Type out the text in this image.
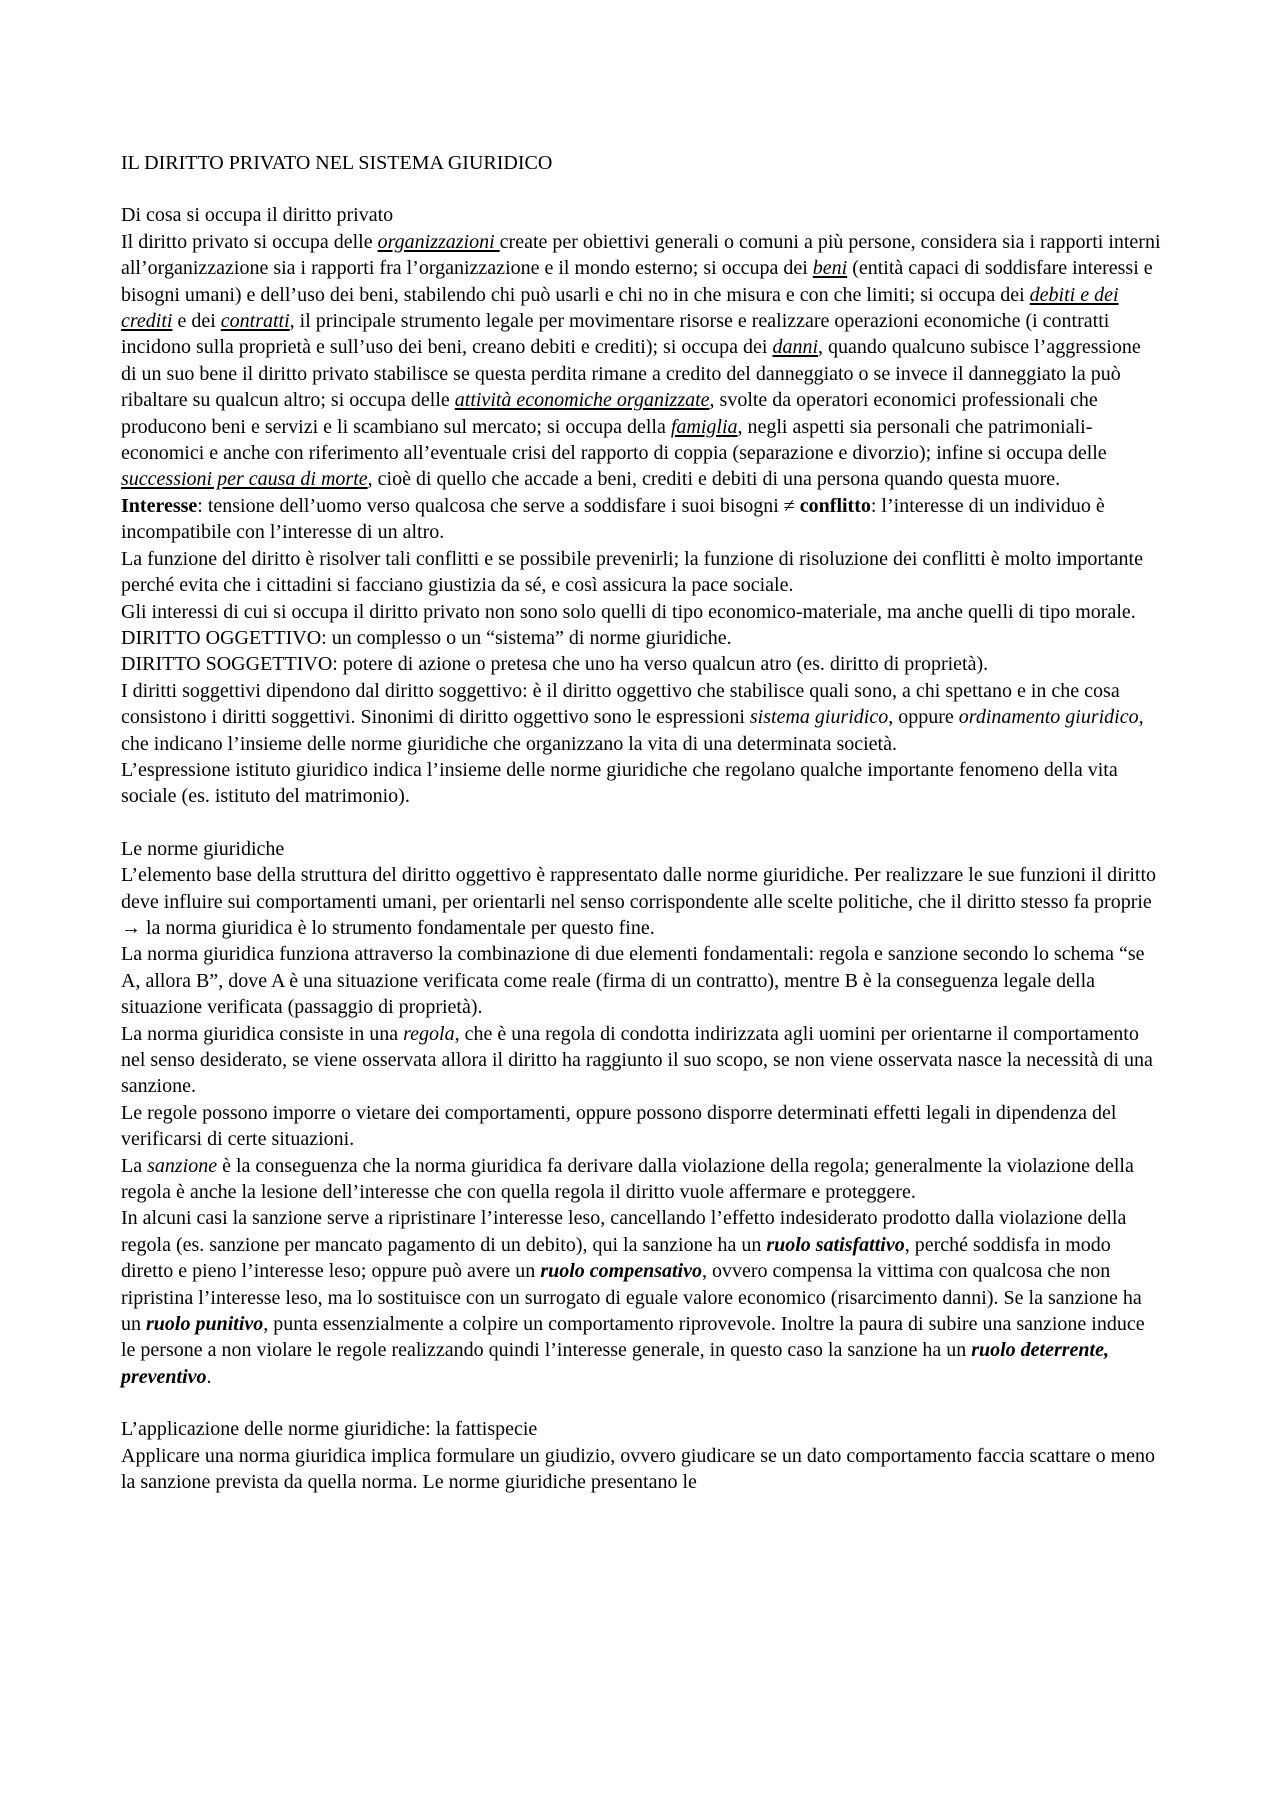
IL DIRITTO PRIVATO NEL SISTEMA GIURIDICO

Di cosa si occupa il diritto privato

Il diritto privato si occupa delle organizzazioni create per obiettivi generali o comuni a più persone, considera sia i rapporti interni all’organizzazione sia i rapporti fra l’organizzazione e il mondo esterno; si occupa dei beni (entità capaci di soddisfare interessi e bisogni umani) e dell’uso dei beni, stabilendo chi può usarli e chi no in che misura e con che limiti; si occupa dei debiti e dei crediti e dei contratti, il principale strumento legale per movimentare risorse e realizzare operazioni economiche (i contratti incidono sulla proprietà e sull’uso dei beni, creano debiti e crediti); si occupa dei danni, quando qualcuno subisce l’aggressione di un suo bene il diritto privato stabilisce se questa perdita rimane a credito del danneggiato o se invece il danneggiato la può ribaltare su qualcun altro; si occupa delle attività economiche organizzate, svolte da operatori economici professionali che producono beni e servizi e li scambiano sul mercato; si occupa della famiglia, negli aspetti sia personali che patrimoniali-economici e anche con riferimento all’eventuale crisi del rapporto di coppia (separazione e divorzio); infine si occupa delle successioni per causa di morte, cioè di quello che accade a beni, crediti e debiti di una persona quando questa muore.

Interesse: tensione dell’uomo verso qualcosa che serve a soddisfare i suoi bisogni ≠ conflitto: l’interesse di un individuo è incompatibile con l’interesse di un altro.

La funzione del diritto è risolver tali conflitti e se possibile prevenirli; la funzione di risoluzione dei conflitti è molto importante perché evita che i cittadini si facciano giustizia da sé, e così assicura la pace sociale.

Gli interessi di cui si occupa il diritto privato non sono solo quelli di tipo economico-materiale, ma anche quelli di tipo morale.

DIRITTO OGGETTIVO: un complesso o un “sistema” di norme giuridiche.

DIRITTO SOGGETTIVO: potere di azione o pretesa che uno ha verso qualcun atro (es. diritto di proprietà).

I diritti soggettivi dipendono dal diritto soggettivo: è il diritto oggettivo che stabilisce quali sono, a chi spettano e in che cosa consistono i diritti soggettivi. Sinonimi di diritto oggettivo sono le espressioni sistema giuridico, oppure ordinamento giuridico, che indicano l’insieme delle norme giuridiche che organizzano la vita di una determinata società.

L’espressione istituto giuridico indica l’insieme delle norme giuridiche che regolano qualche importante fenomeno della vita sociale (es. istituto del matrimonio).

Le norme giuridiche

L’elemento base della struttura del diritto oggettivo è rappresentato dalle norme giuridiche. Per realizzare le sue funzioni il diritto deve influire sui comportamenti umani, per orientarli nel senso corrispondente alle scelte politiche, che il diritto stesso fa proprie → la norma giuridica è lo strumento fondamentale per questo fine.

La norma giuridica funziona attraverso la combinazione di due elementi fondamentali: regola e sanzione secondo lo schema “se A, allora B”, dove A è una situazione verificata come reale (firma di un contratto), mentre B è la conseguenza legale della situazione verificata (passaggio di proprietà).

La norma giuridica consiste in una regola, che è una regola di condotta indirizzata agli uomini per orientarne il comportamento nel senso desiderato, se viene osservata allora il diritto ha raggiunto il suo scopo, se non viene osservata nasce la necessità di una sanzione.

Le regole possono imporre o vietare dei comportamenti, oppure possono disporre determinati effetti legali in dipendenza del verificarsi di certe situazioni.

La sanzione è la conseguenza che la norma giuridica fa derivare dalla violazione della regola; generalmente la violazione della regola è anche la lesione dell’interesse che con quella regola il diritto vuole affermare e proteggere.

In alcuni casi la sanzione serve a ripristinare l’interesse leso, cancellando l’effetto indesiderato prodotto dalla violazione della regola (es. sanzione per mancato pagamento di un debito), qui la sanzione ha un ruolo satisfattivo, perché soddisfa in modo diretto e pieno l’interesse leso; oppure può avere un ruolo compensativo, ovvero compensa la vittima con qualcosa che non ripristina l’interesse leso, ma lo sostituisce con un surrogato di eguale valore economico (risarcimento danni). Se la sanzione ha un ruolo punitivo, punta essenzialmente a colpire un comportamento riprovevole. Inoltre la paura di subire una sanzione induce le persone a non violare le regole realizzando quindi l’interesse generale, in questo caso la sanzione ha un ruolo deterrente, preventivo.

L’applicazione delle norme giuridiche: la fattispecie

Applicare una norma giuridica implica formulare un giudizio, ovvero giudicare se un dato comportamento faccia scattare o meno la sanzione prevista da quella norma. Le norme giuridiche presentano le
